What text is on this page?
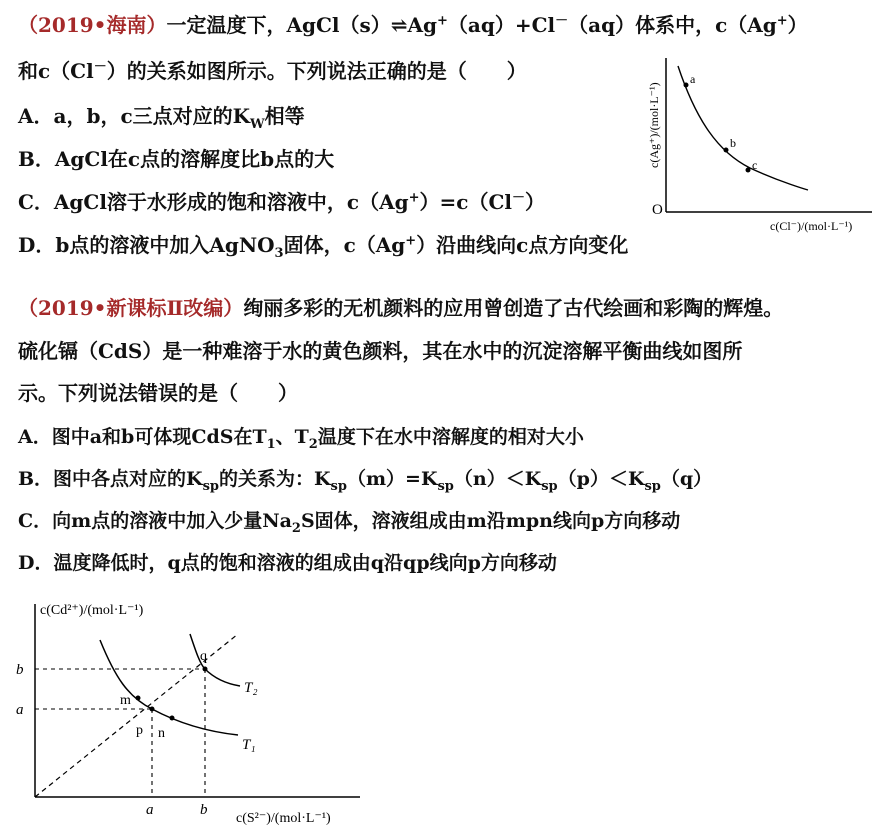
（2019•海南）一定温度下，AgCl（s）⇌Ag+（aq）+Cl－（aq）体系中，c（Ag+）
和c（Cl－）的关系如图所示。下列说法正确的是（　　）
A．a，b，c三点对应的$K_W$相等
B．AgCl在c点的溶解度比b点的大
C．AgCl溶于水形成的饱和溶液中，c（Ag+）=c（Cl－）
D．b点的溶液中加入AgNO$_3$固体，c（Ag+）沿曲线向c点方向变化
a
b
c
O
c(Cl⁻)/(mol·L⁻¹)
c(Ag⁺)/(mol·L⁻¹)
（2019•新课标Ⅱ改编）绚丽多彩的无机颜料的应用曾创造了古代绘画和彩陶的辉煌。
硫化镉（CdS）是一种难溶于水的黄色颜料，其在水中的沉淀溶解平衡曲线如图所
示。下列说法错误的是（　　）
A．图中a和b可体现CdS在$T_1$、$T_2$温度下在水中溶解度的相对大小
B．图中各点对应的$K_{sp}$的关系为：$K_{sp}(m)=K_{sp}(n)<K_{sp}(p)<K_{sp}(q)$
C．向m点的溶液中加入少量$Na_2S$固体，溶液组成由m沿mpn线向p方向移动
D．温度降低时，q点的饱和溶液的组成由q沿qp线向p方向移动
m
p n
q
T₂
T₁
a
b
a	b
c(Cd²⁺)/(mol·L⁻¹)
c(S²⁻)/(mol·L⁻¹)
